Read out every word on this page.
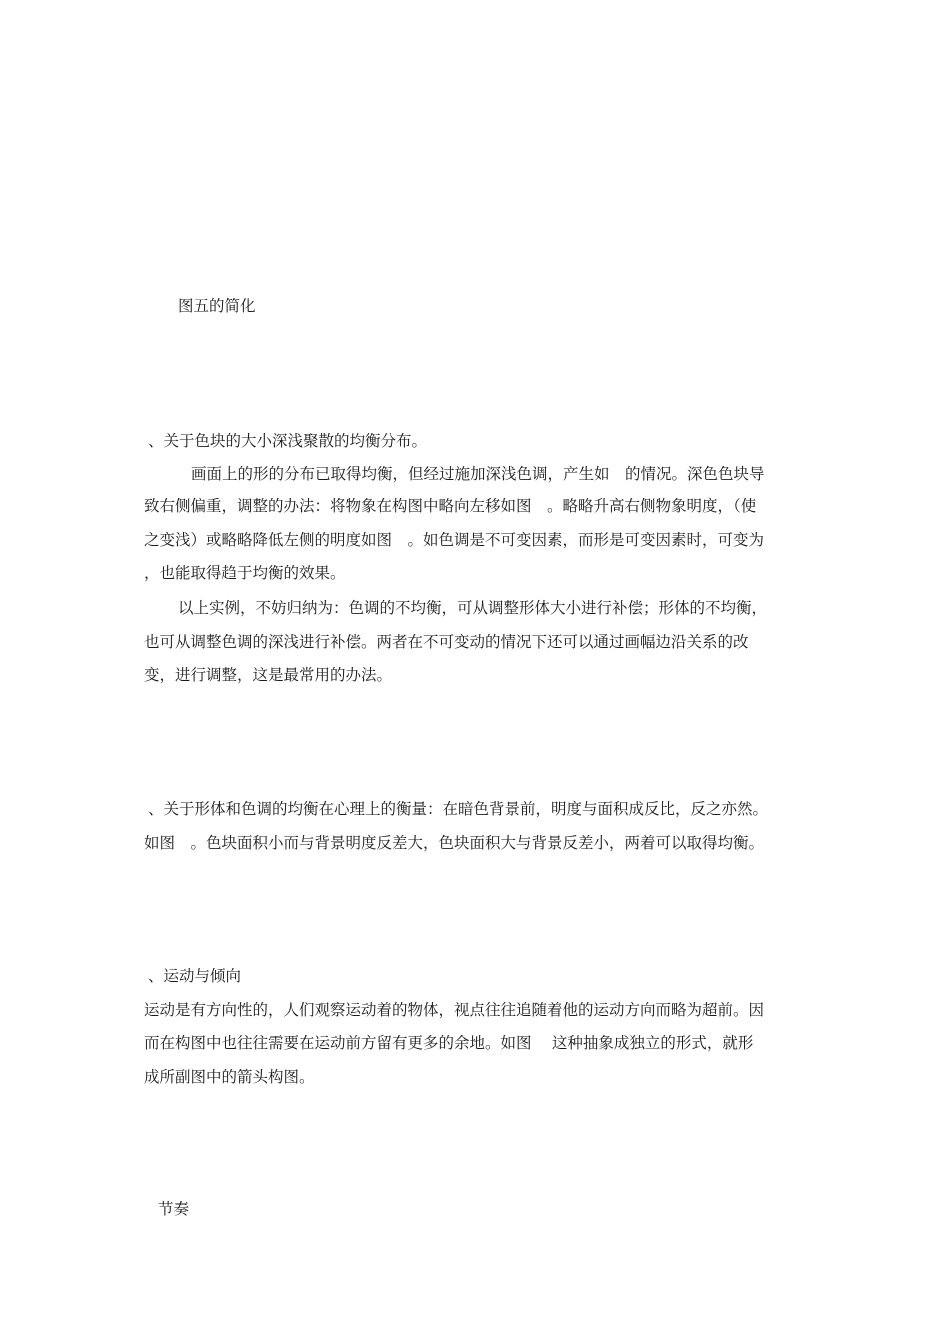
图五的简化
、关于色块的大小深浅聚散的均衡分布。
画面上的形的分布已取得均衡，但经过施加深浅色调，产生如　的情况。深色色块导
致右侧偏重，调整的办法：将物象在构图中略向左移如图　。略略升高右侧物象明度，（使
之变浅）或略略降低左侧的明度如图　。如色调是不可变因素，而形是可变因素时，可变为
，也能取得趋于均衡的效果。
以上实例，不妨归纳为：色调的不均衡，可从调整形体大小进行补偿；形体的不均衡，
也可从调整色调的深浅进行补偿。两者在不可变动的情况下还可以通过画幅边沿关系的改
变，进行调整，这是最常用的办法。
、关于形体和色调的均衡在心理上的衡量：在暗色背景前，明度与面积成反比，反之亦然。
如图　。色块面积小而与背景明度反差大，色块面积大与背景反差小，两着可以取得均衡。
、运动与倾向
运动是有方向性的，人们观察运动着的物体，视点往往追随着他的运动方向而略为超前。因
而在构图中也往往需要在运动前方留有更多的余地。如图　 这种抽象成独立的形式，就形
成所副图中的箭头构图。
节奏
